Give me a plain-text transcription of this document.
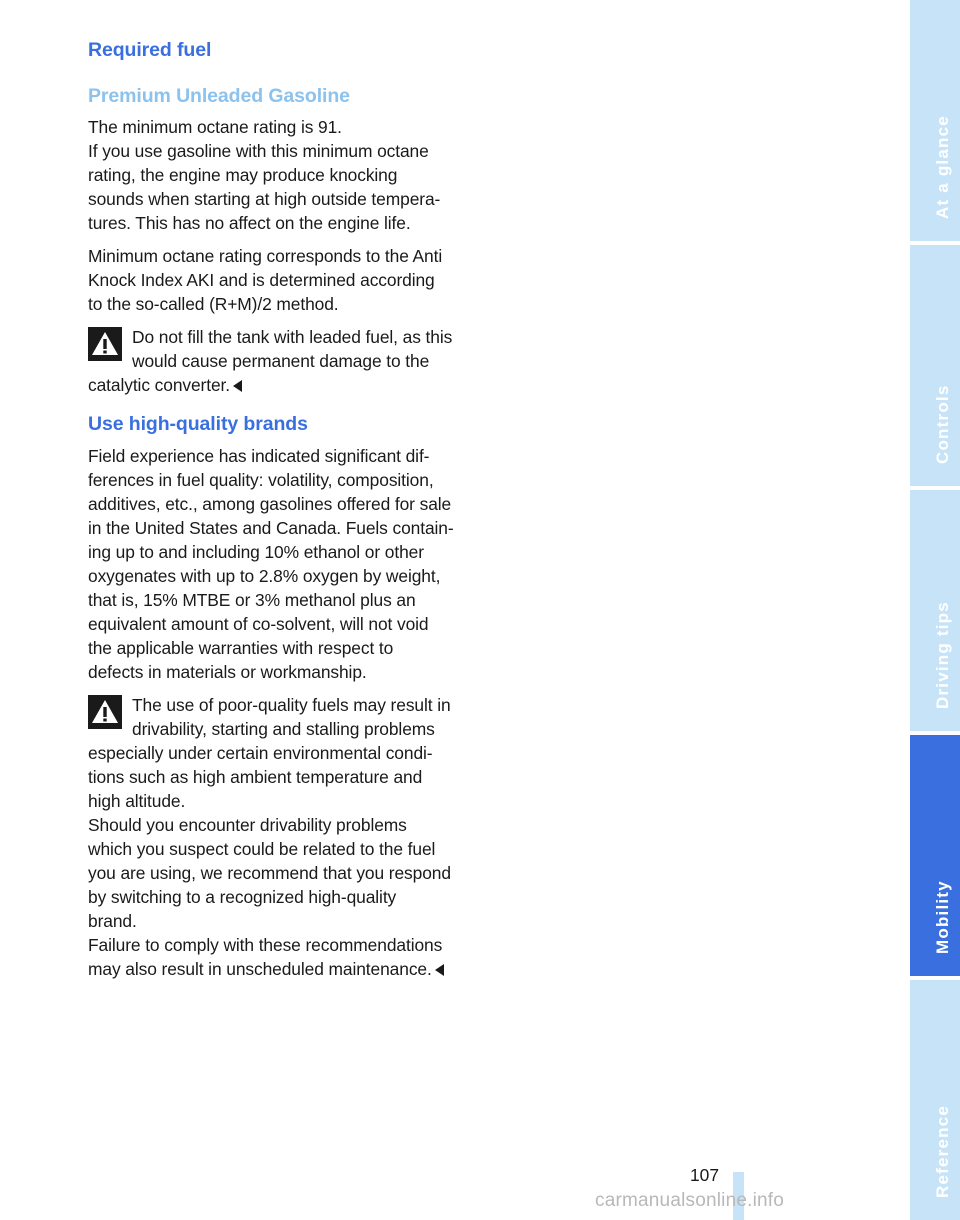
Required fuel
Premium Unleaded Gasoline

The minimum octane rating is 91.
If you use gasoline with this minimum octane
rating, the engine may produce knocking
sounds when starting at high outside tempera-
tures. This has no affect on the engine life.

Minimum octane rating corresponds to the Anti
Knock Index AKI and is determined according
to the so-called (R+M)/2 method.

Do not fill the tank with leaded fuel, as this
would cause permanent damage to the
catalytic converter.
Use high-quality brands

Field experience has indicated significant dif-
ferences in fuel quality: volatility, composition,
additives, etc., among gasolines offered for sale
in the United States and Canada. Fuels contain-
ing up to and including 10% ethanol or other
oxygenates with up to 2.8% oxygen by weight,
that is, 15% MTBE or 3% methanol plus an
equivalent amount of co-solvent, will not void
the applicable warranties with respect to
defects in materials or workmanship.

The use of poor-quality fuels may result in
drivability, starting and stalling problems
especially under certain environmental condi-
tions such as high ambient temperature and
high altitude.
Should you encounter drivability problems
which you suspect could be related to the fuel
you are using, we recommend that you respond
by switching to a recognized high-quality
brand.
Failure to comply with these recommendations
may also result in unscheduled maintenance.
At a glance
Controls
Driving tips
Mobility
Reference
107
carmanualsonline.info
